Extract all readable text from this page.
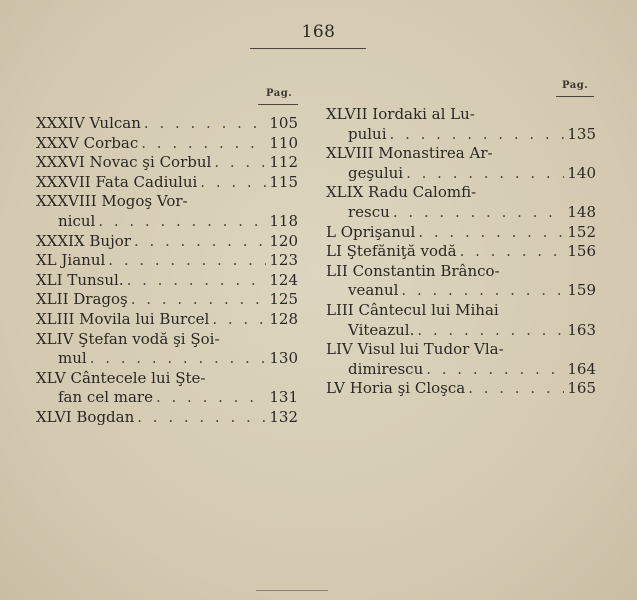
168
Pag.
Pag.
XXXIV Vulcan . . .	105
XXXV Corbac . . .	110
XXXVI Novac şi Corbul . . .	112
XXXVII Fata Cadiului . . .	115
XXXVIII Mogoş Vor-
nicul . . .	118
XXXIX Bujor . . .	120
XL Jianul . . .	123
XLI Tunsul. . . .	124
XLII Dragoş . . .	125
XLIII Movila lui Burcel . . .	128
XLIV Ştefan vodă şi Şoi-
mul . . .	130
XLV Cântecele lui Şte-
fan cel mare . . .	131
XLVI Bogdan . . .	132
XLVII Iordaki al Lu-
pului . . .	135
XLVIII Monastirea Ar-
geşului . . .	140
XLIX Radu Calomfi-
rescu . . .	148
L Oprişanul . . .	152
LI Ştefăniţă vodă . . .	156
LII Constantin Brânco-
veanul . . .	159
LIII Cântecul lui Mihai
Viteazul. . . .	163
LIV Visul lui Tudor Vla-
dimirescu . . .	164
LV Horia şi Cloşca . . .	165
